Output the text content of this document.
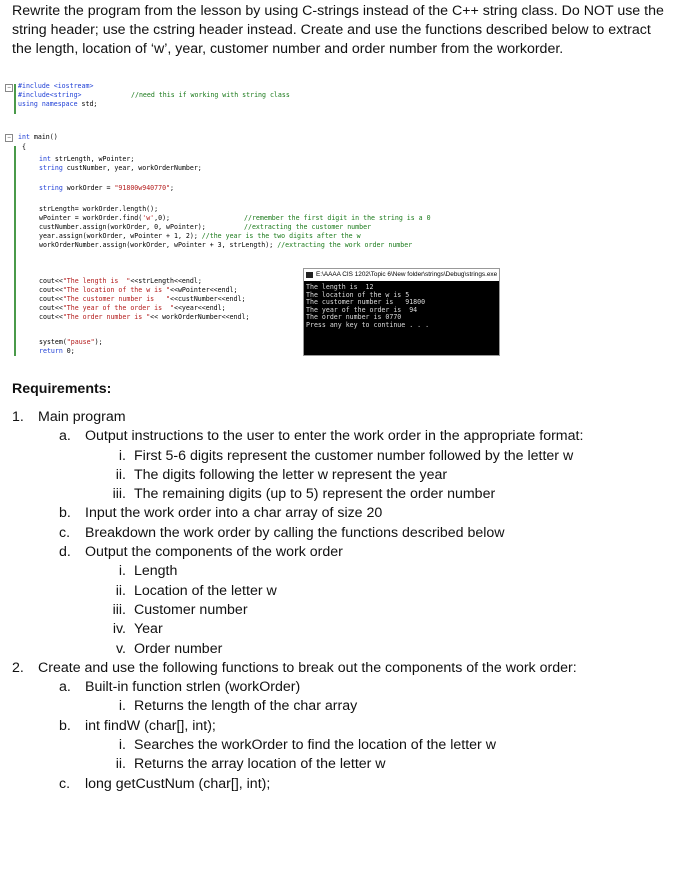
Rewrite the program from the lesson by using C-strings instead of the C++ string class. Do NOT use the string header; use the cstring header instead. Create and use the functions described below to extract the length, location of ‘w’, year, customer number and order number from the workorder.
−
−
#include <iostream>
#include<string>	//need this if working with string class
using namespace std;
int main()
{
int strLength, wPointer;
string custNumber, year, workOrderNumber;
string workOrder = "91800w940770";
strLength= workOrder.length();
wPointer = workOrder.find('w',0);	//remember the first digit in the string is a 0
custNumber.assign(workOrder, 0, wPointer);	//extracting the customer number
year.assign(workOrder, wPointer + 1, 2); //the year is the two digits after the w
workOrderNumber.assign(workOrder, wPointer + 3, strLength); //extracting the work order number
cout<<"The length is  "<<strLength<<endl;
cout<<"The location of the w is "<<wPointer<<endl;
cout<<"The customer number is   "<<custNumber<<endl;
cout<<"The year of the order is  "<<year<<endl;
cout<<"The order number is "<< workOrderNumber<<endl;
system("pause");
return 0;
E:\AAAA CIS 1202\Topic 6\New folder\strings\Debug\strings.exe
The length is  12
The location of the w is 5
The customer number is   91800
The year of the order is  94
The order number is 0770
Press any key to continue . . .
Requirements:
1. Main program
a. Output instructions to the user to enter the work order in the appropriate format:
i. First 5-6 digits represent the customer number followed by the letter w
ii. The digits following the letter w represent the year
iii. The remaining digits (up to 5) represent the order number
b. Input the work order into a char array of size 20
c. Breakdown the work order by calling the functions described below
d. Output the components of the work order
i. Length
ii. Location of the letter w
iii. Customer number
iv. Year
v. Order number
2. Create and use the following functions to break out the components of the work order:
a. Built-in function strlen (workOrder)
i. Returns the length of the char array
b. int findW (char[], int);
i. Searches the workOrder to find the location of the letter w
ii. Returns the array location of the letter w
c. long getCustNum (char[], int);
